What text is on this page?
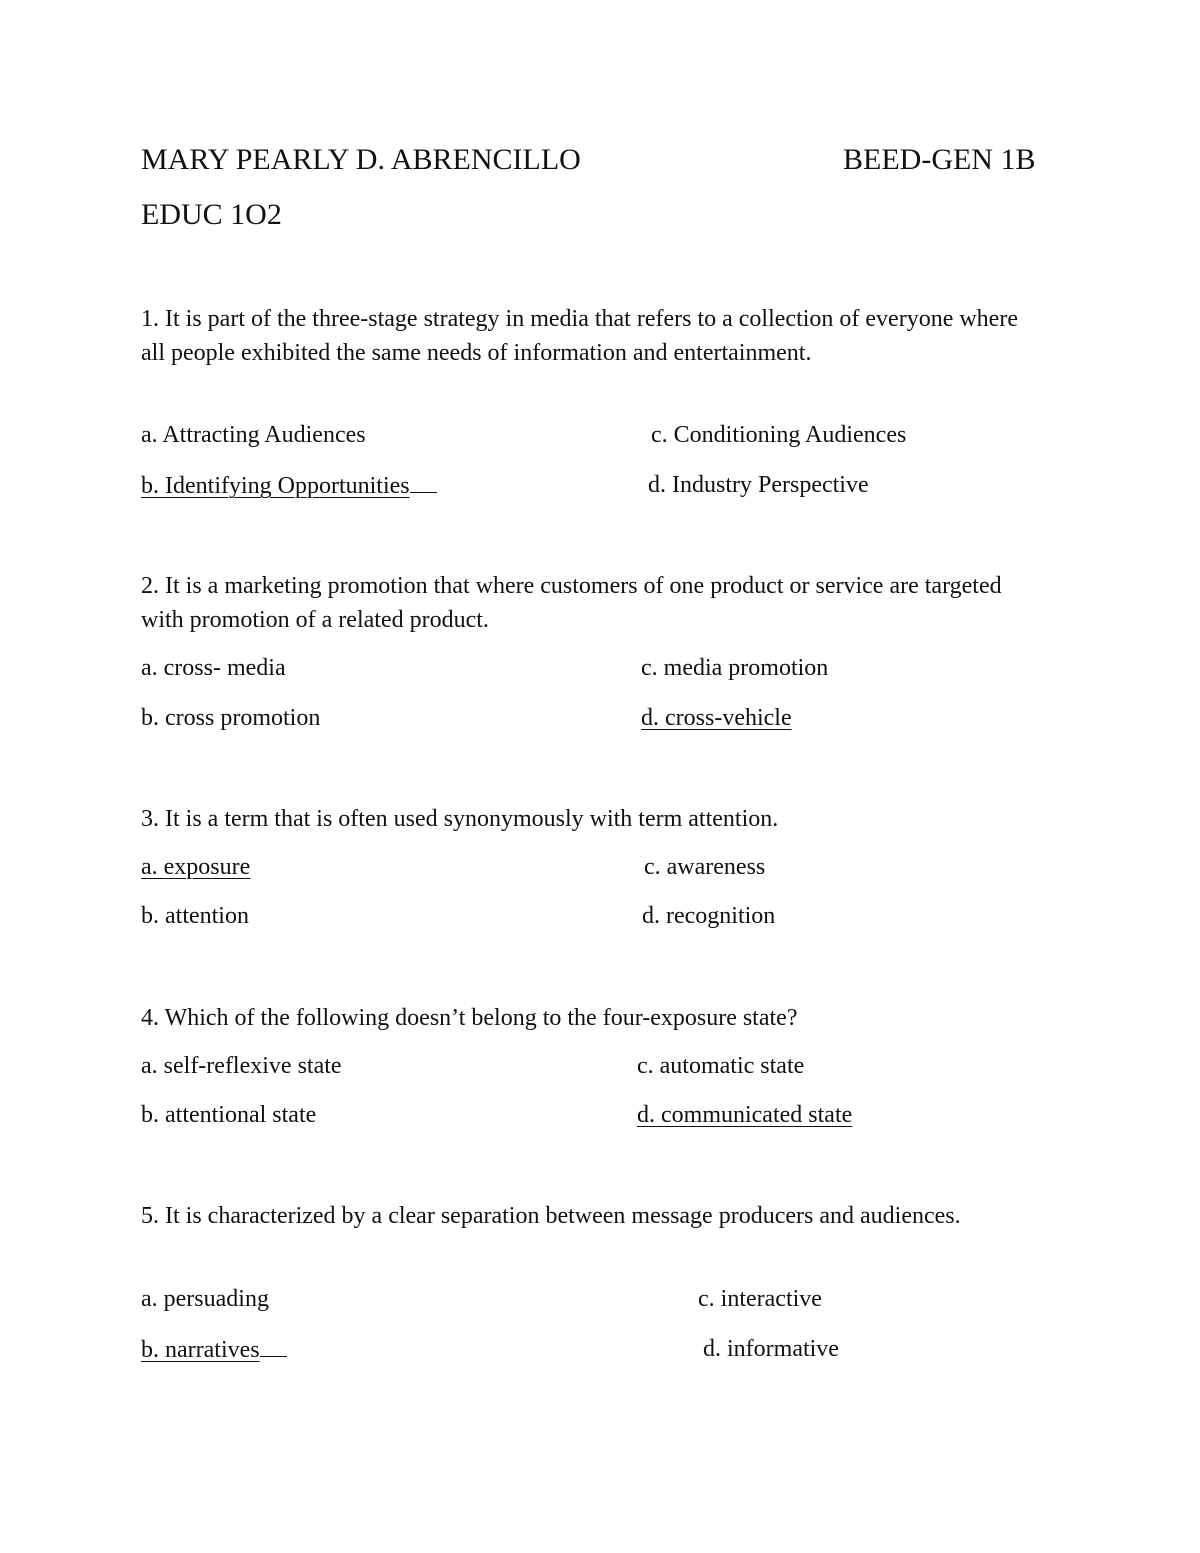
MARY PEARLY D. ABRENCILLO	BEED-GEN 1B
EDUC 1O2
1. It is part of the three-stage strategy in media that refers to a collection of everyone where all people exhibited the same needs of information and entertainment.
a. Attracting Audiences	c. Conditioning Audiences
b. Identifying Opportunities	d. Industry Perspective
2. It is a marketing promotion that where customers of one product or service are targeted with promotion of a related product.
a. cross- media	c. media promotion
b. cross promotion	d. cross-vehicle
3. It is a term that is often used synonymously with term attention.
a. exposure	c. awareness
b. attention	d. recognition
4. Which of the following doesn’t belong to the four-exposure state?
a. self-reflexive state	c. automatic state
b. attentional state	d. communicated state
5. It is characterized by a clear separation between message producers and audiences.
a. persuading	c. interactive
b. narratives	d. informative
